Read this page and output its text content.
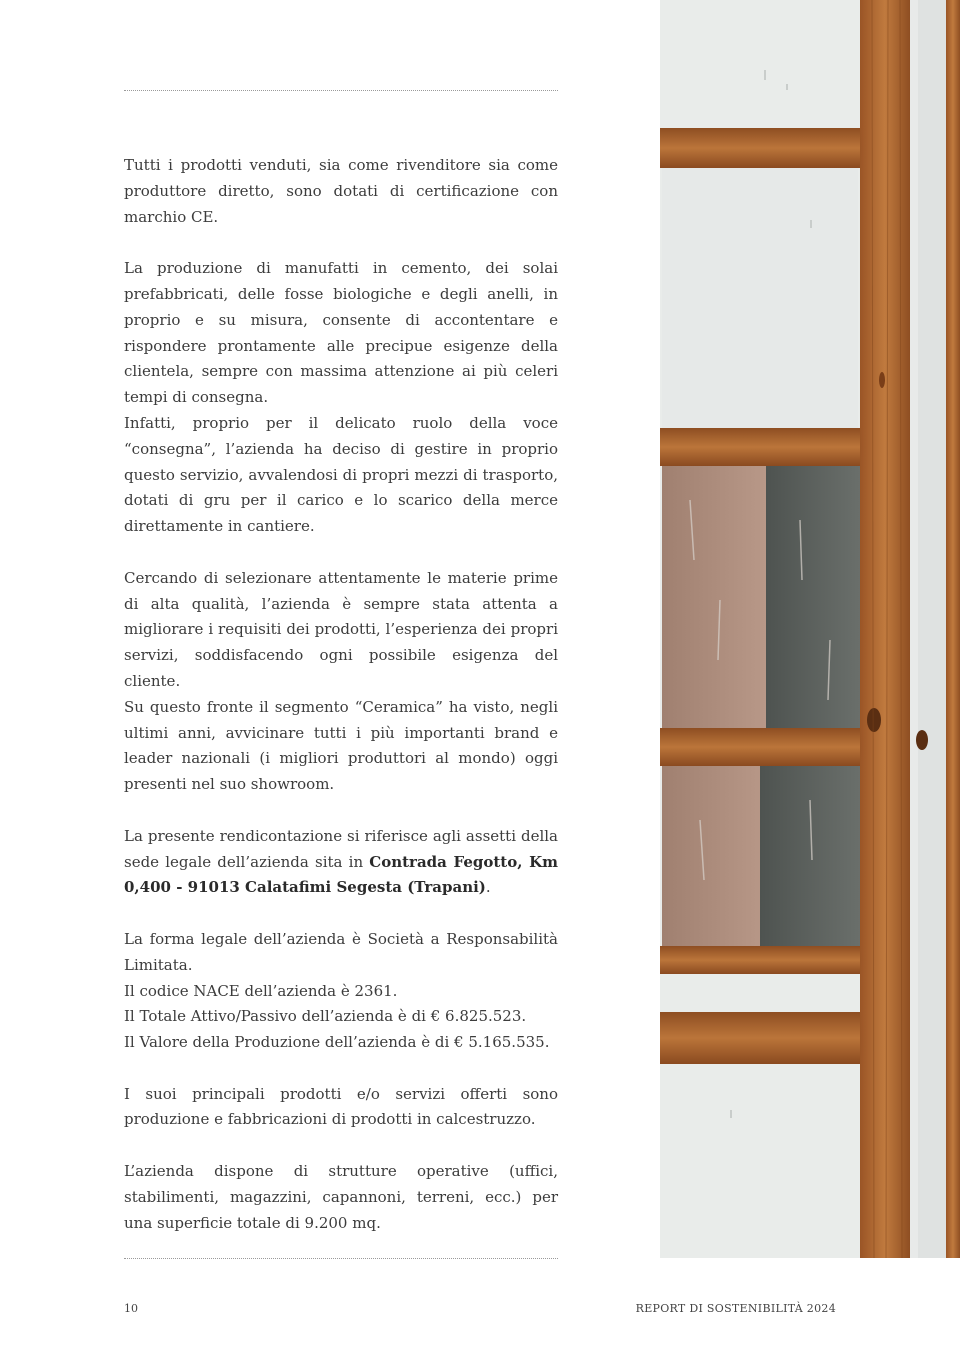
Tutti i prodotti venduti, sia come rivenditore sia come produttore diretto, sono dotati di certificazione con marchio CE.

La produzione di manufatti in cemento, dei solai prefabbricati, delle fosse biologiche e degli anelli, in proprio e su misura, consente di accontentare e rispondere prontamente alle precipue esigenze della clientela, sempre con massima attenzione ai più celeri tempi di consegna.

Infatti, proprio per il delicato ruolo della voce “consegna”, l’azienda ha deciso di gestire in proprio questo servizio, avvalendosi di propri mezzi di trasporto, dotati di gru per il carico e lo scarico della merce direttamente in cantiere.

Cercando di selezionare attentamente le materie prime di alta qualità, l’azienda è sempre stata attenta a migliorare i requisiti dei prodotti, l’esperienza dei propri servizi, soddisfacendo ogni possibile esigenza del cliente.

Su questo fronte il segmento “Ceramica” ha visto, negli ultimi anni, avvicinare tutti i più importanti brand e leader nazionali (i migliori produttori al mondo) oggi presenti nel suo showroom.

La presente rendicontazione si riferisce agli assetti della sede legale dell’azienda sita in Contrada Fegotto, Km 0,400 - 91013 Calatafimi Segesta (Trapani).

La forma legale dell’azienda è Società a Responsabilità Limitata.

Il codice NACE dell’azienda è 2361.

Il Totale Attivo/Passivo dell’azienda è di € 6.825.523.

Il Valore della Produzione dell’azienda è di € 5.165.535.

I suoi principali prodotti e/o servizi offerti sono produzione e fabbricazioni di prodotti in calcestruzzo.

L’azienda dispone di strutture operative (uffici, stabilimenti, magazzini, capannoni, terreni, ecc.) per una superficie totale di 9.200 mq.

10	REPORT DI SOSTENIBILITÀ 2024
